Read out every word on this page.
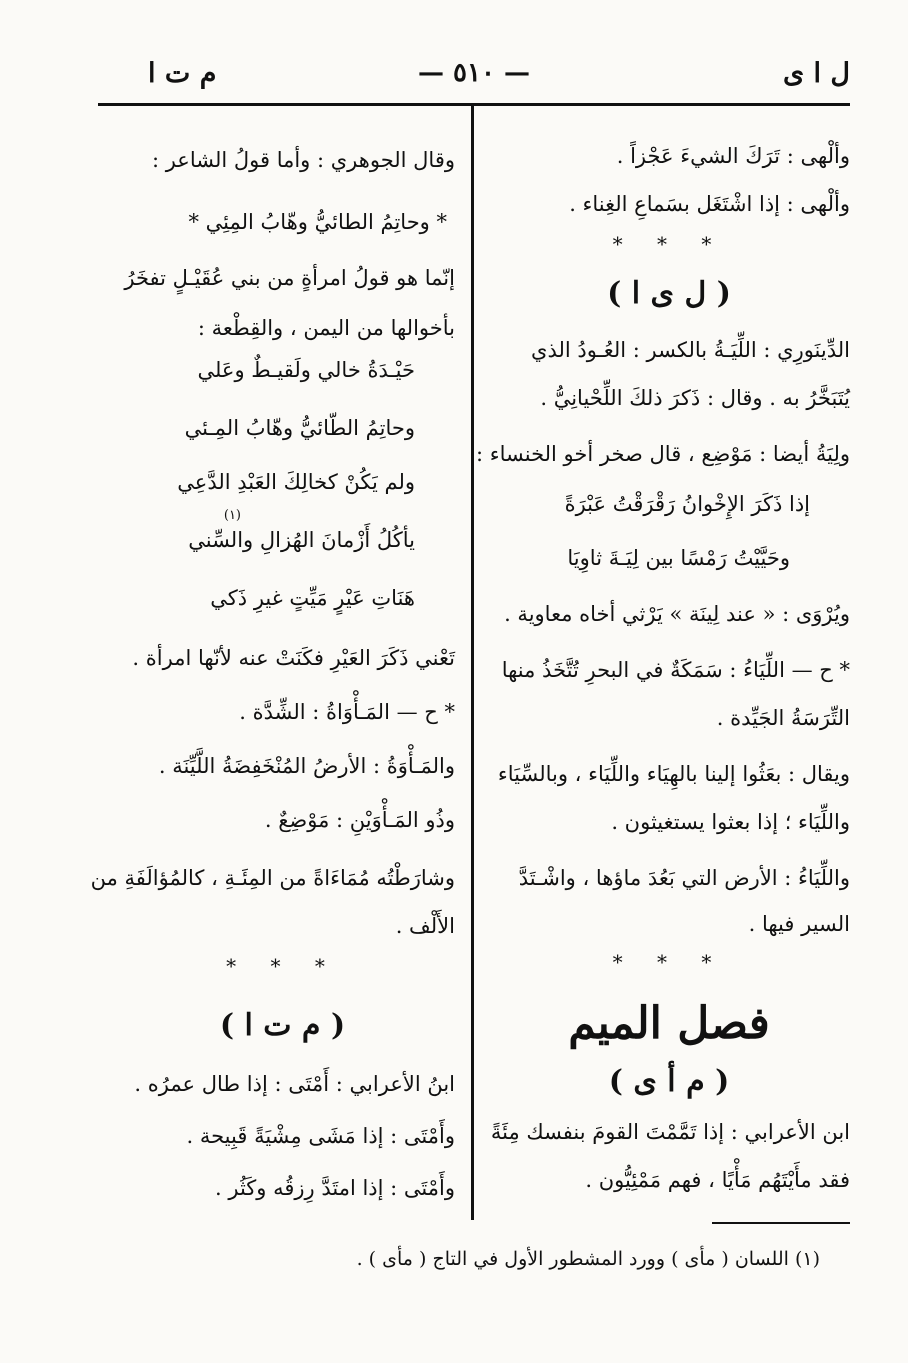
ل ا ى
— ٥١٠ —
م ت ا
وألْهى : تَرَكَ الشيءَ عَجْزاً .
وألْهى : إذا اشْتَغَل بسَماعِ الغِناء .
* * *
( ل ى ا )
الدِّينَورِي : اللِّيَـةُ بالكسر : العُـودُ الذي
يُتَبَخَّرُ به . وقال : ذَكرَ ذلكَ اللِّحْيانِيُّ .
ولِيَةُ أيضا : مَوْضِع ، قال صخر أخو الخنساء :
إذا ذَكَرَ الإِخْوانُ رَقْرَقْتُ عَبْرَةً
وحَيَّيْتُ رَمْسًا بين لِيَـةَ ثاوِيَا
ويُرْوَى : « عند لِينَة » يَرْثي أخاه معاوية .
* ح — اللِّيَاءُ : سَمَكَةٌ في البحرِ تُتَّخَذُ منها
التِّرَسَةُ الجَيِّدة .
ويقال : بعَثُوا إلينا بالهِيَاء واللِّيَاء ، وبالسِّيَاء
واللِّيَاء ؛ إذا بعثوا يستغيثون .
واللِّيَاءُ : الأرض التي بَعُدَ ماؤها ، واشْـتَدَّ
السير فيها .
* * *
فصل الميم
( م أ ى )
ابن الأعرابي : إذا تَمَّمْتَ القومَ بنفسك مِئَةً
فقد مأَيْتَهُم مَأْيًا ، فهم مَمْئِيُّون .
وقال الجوهري : وأما قولُ الشاعر :
* وحاتِمُ الطائيُّ وهّابُ المِئِي *
إنّما هو قولُ امرأةٍ من بني عُقَيْـلٍ تفخَرُ
بأخوالها من اليمن ، والقِطْعة :
حَيْـدَةُ خالي ولَقيـطٌ وعَلي
وحاتِمُ الطّائيُّ وهّابُ المِـئي
ولم يَكُنْ كخالِكَ العَبْدِ الدَّعِي
(١)
يأكُلُ أَزْمانَ الهُزالِ والسِّني
هَنَاتِ عَيْرٍ مَيِّتٍ غيرِ ذَكي
تَعْني ذَكَرَ العَيْرِ فكَنَتْ عنه لأنّها امرأة .
* ح — المَـأْوَاةُ : الشِّدَّة .
والمَـأْوَةُ : الأرضُ المُنْخَفِضَةُ اللَّيِّنَة .
وذُو المَـأْوَيْنِ : مَوْضِعٌ .
وشارَطْتُه مُمَاءَاةً من المِئَـةِ ، كالمُؤالَفَةِ من
الأَلْف .
* * *
( م ت ا )
ابنُ الأعرابي : أَمْتَى : إذا طال عمرُه .
وأَمْتَى : إذا مَشَى مِشْيَةً قَبِيحة .
وأَمْتَى : إذا امتَدَّ رِزقُه وكَثُر .
(١) اللسان ( مأى ) وورد المشطور الأول في التاج ( مأى ) .
